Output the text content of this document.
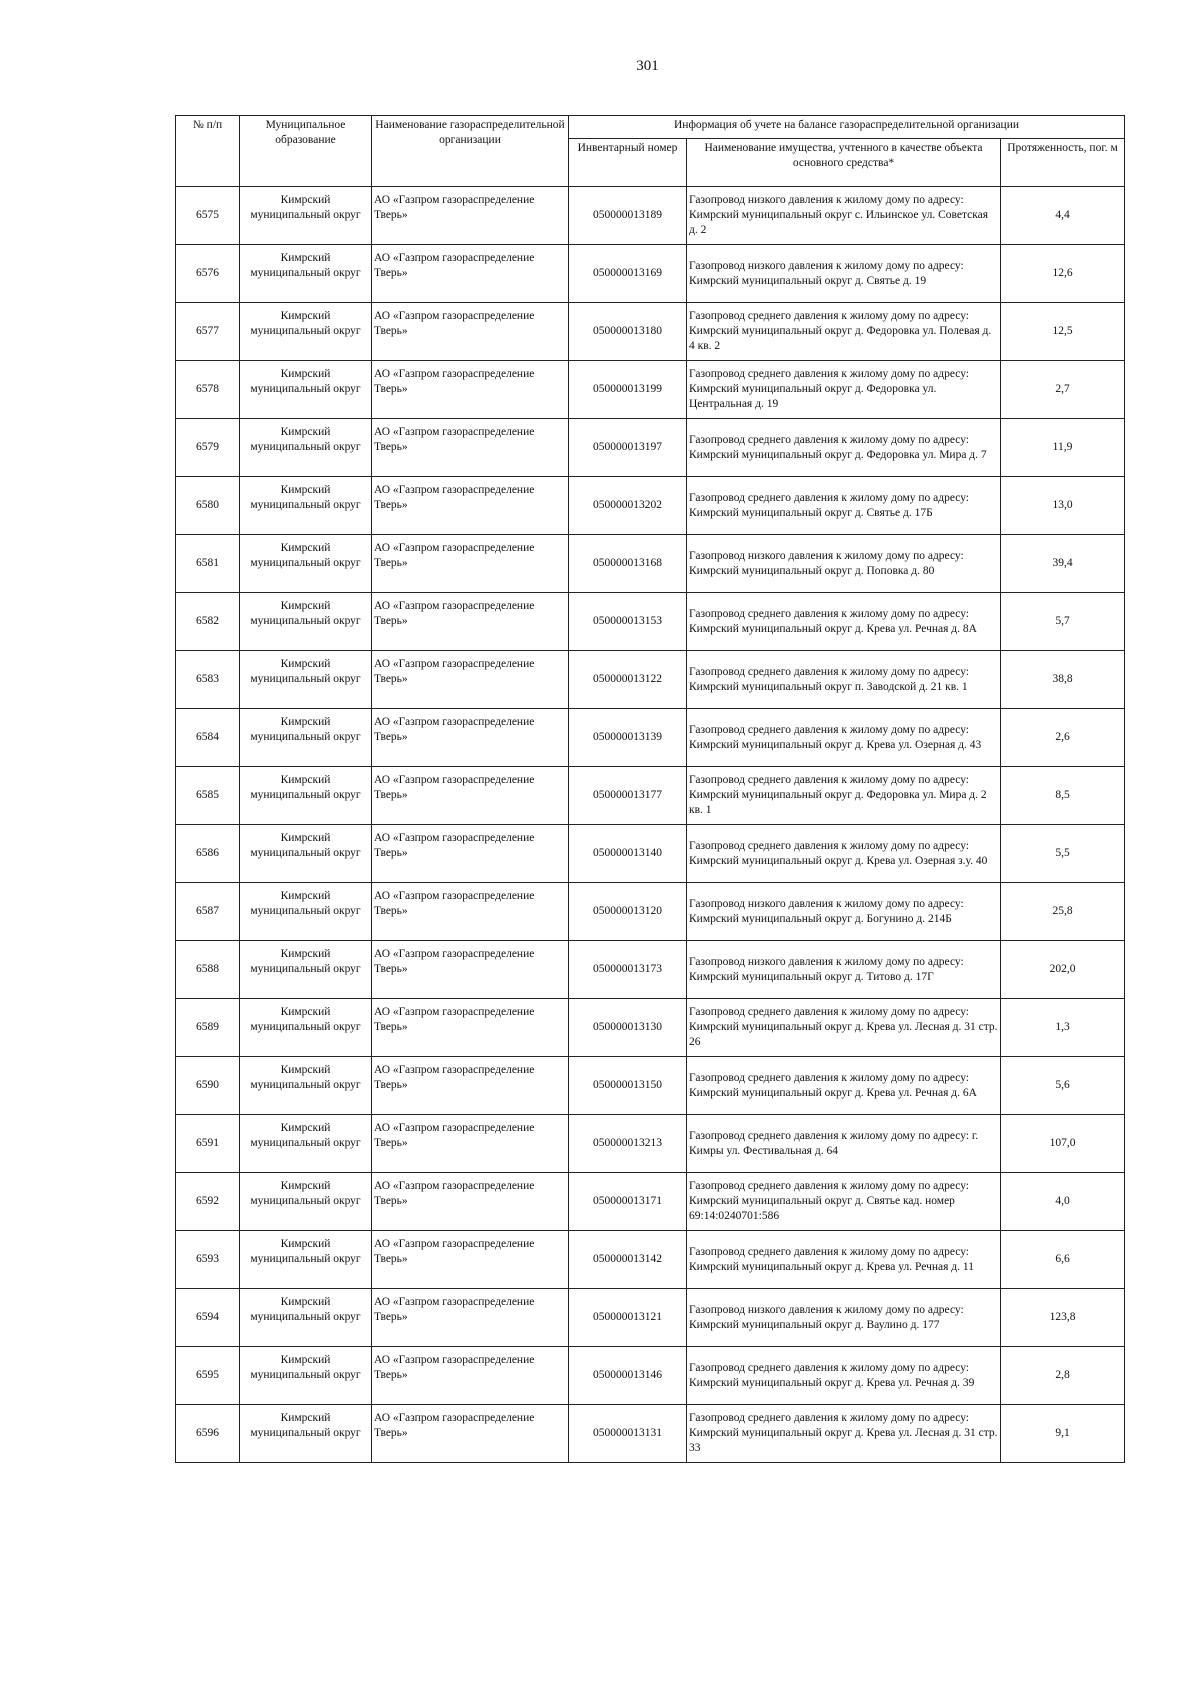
301
№ п/п	Муниципальное образование	Наименование газораспределительной организации	Информация об учете на балансе газораспределительной организации		
			Инвентарный номер	Наименование имущества, учтенного в качестве объекта основного средства*	Протяженность, пог. м
6575	Кимрский муниципальный округ	АО «Газпром газораспределение Тверь»	050000013189	Газопровод низкого давления к жилому дому по адресу: Кимрский муниципальный округ с. Ильинское ул. Советская д. 2	4,4
6576	Кимрский муниципальный округ	АО «Газпром газораспределение Тверь»	050000013169	Газопровод низкого давления к жилому дому по адресу: Кимрский муниципальный округ д. Святье д. 19	12,6
6577	Кимрский муниципальный округ	АО «Газпром газораспределение Тверь»	050000013180	Газопровод среднего давления к жилому дому по адресу: Кимрский муниципальный округ д. Федоровка ул. Полевая д. 4 кв. 2	12,5
6578	Кимрский муниципальный округ	АО «Газпром газораспределение Тверь»	050000013199	Газопровод среднего давления к жилому дому по адресу: Кимрский муниципальный округ д. Федоровка ул. Центральная д. 19	2,7
6579	Кимрский муниципальный округ	АО «Газпром газораспределение Тверь»	050000013197	Газопровод среднего давления к жилому дому по адресу: Кимрский муниципальный округ д. Федоровка ул. Мира д. 7	11,9
6580	Кимрский муниципальный округ	АО «Газпром газораспределение Тверь»	050000013202	Газопровод среднего давления к жилому дому по адресу: Кимрский муниципальный округ д. Святье д. 17Б	13,0
6581	Кимрский муниципальный округ	АО «Газпром газораспределение Тверь»	050000013168	Газопровод низкого давления к жилому дому по адресу: Кимрский муниципальный округ д. Поповка д. 80	39,4
6582	Кимрский муниципальный округ	АО «Газпром газораспределение Тверь»	050000013153	Газопровод среднего давления к жилому дому по адресу: Кимрский муниципальный округ д. Крева ул. Речная д. 8А	5,7
6583	Кимрский муниципальный округ	АО «Газпром газораспределение Тверь»	050000013122	Газопровод среднего давления к жилому дому по адресу: Кимрский муниципальный округ п. Заводской д. 21 кв. 1	38,8
6584	Кимрский муниципальный округ	АО «Газпром газораспределение Тверь»	050000013139	Газопровод среднего давления к жилому дому по адресу: Кимрский муниципальный округ д. Крева ул. Озерная д. 43	2,6
6585	Кимрский муниципальный округ	АО «Газпром газораспределение Тверь»	050000013177	Газопровод среднего давления к жилому дому по адресу: Кимрский муниципальный округ д. Федоровка ул. Мира д. 2 кв. 1	8,5
6586	Кимрский муниципальный округ	АО «Газпром газораспределение Тверь»	050000013140	Газопровод среднего давления к жилому дому по адресу: Кимрский муниципальный округ д. Крева ул. Озерная з.у. 40	5,5
6587	Кимрский муниципальный округ	АО «Газпром газораспределение Тверь»	050000013120	Газопровод низкого давления к жилому дому по адресу: Кимрский муниципальный округ д. Богунино д. 214Б	25,8
6588	Кимрский муниципальный округ	АО «Газпром газораспределение Тверь»	050000013173	Газопровод низкого давления к жилому дому по адресу: Кимрский муниципальный округ д. Титово д. 17Г	202,0
6589	Кимрский муниципальный округ	АО «Газпром газораспределение Тверь»	050000013130	Газопровод среднего давления к жилому дому по адресу: Кимрский муниципальный округ д. Крева ул. Лесная д. 31 стр. 26	1,3
6590	Кимрский муниципальный округ	АО «Газпром газораспределение Тверь»	050000013150	Газопровод среднего давления к жилому дому по адресу: Кимрский муниципальный округ д. Крева ул. Речная д. 6А	5,6
6591	Кимрский муниципальный округ	АО «Газпром газораспределение Тверь»	050000013213	Газопровод среднего давления к жилому дому по адресу: г. Кимры ул. Фестивальная д. 64	107,0
6592	Кимрский муниципальный округ	АО «Газпром газораспределение Тверь»	050000013171	Газопровод среднего давления к жилому дому по адресу: Кимрский муниципальный округ д. Святье кад. номер 69:14:0240701:586	4,0
6593	Кимрский муниципальный округ	АО «Газпром газораспределение Тверь»	050000013142	Газопровод среднего давления к жилому дому по адресу: Кимрский муниципальный округ д. Крева ул. Речная д. 11	6,6
6594	Кимрский муниципальный округ	АО «Газпром газораспределение Тверь»	050000013121	Газопровод низкого давления к жилому дому по адресу: Кимрский муниципальный округ д. Ваулино д. 177	123,8
6595	Кимрский муниципальный округ	АО «Газпром газораспределение Тверь»	050000013146	Газопровод среднего давления к жилому дому по адресу: Кимрский муниципальный округ д. Крева ул. Речная д. 39	2,8
6596	Кимрский муниципальный округ	АО «Газпром газораспределение Тверь»	050000013131	Газопровод среднего давления к жилому дому по адресу: Кимрский муниципальный округ д. Крева ул. Лесная д. 31 стр. 33	9,1
